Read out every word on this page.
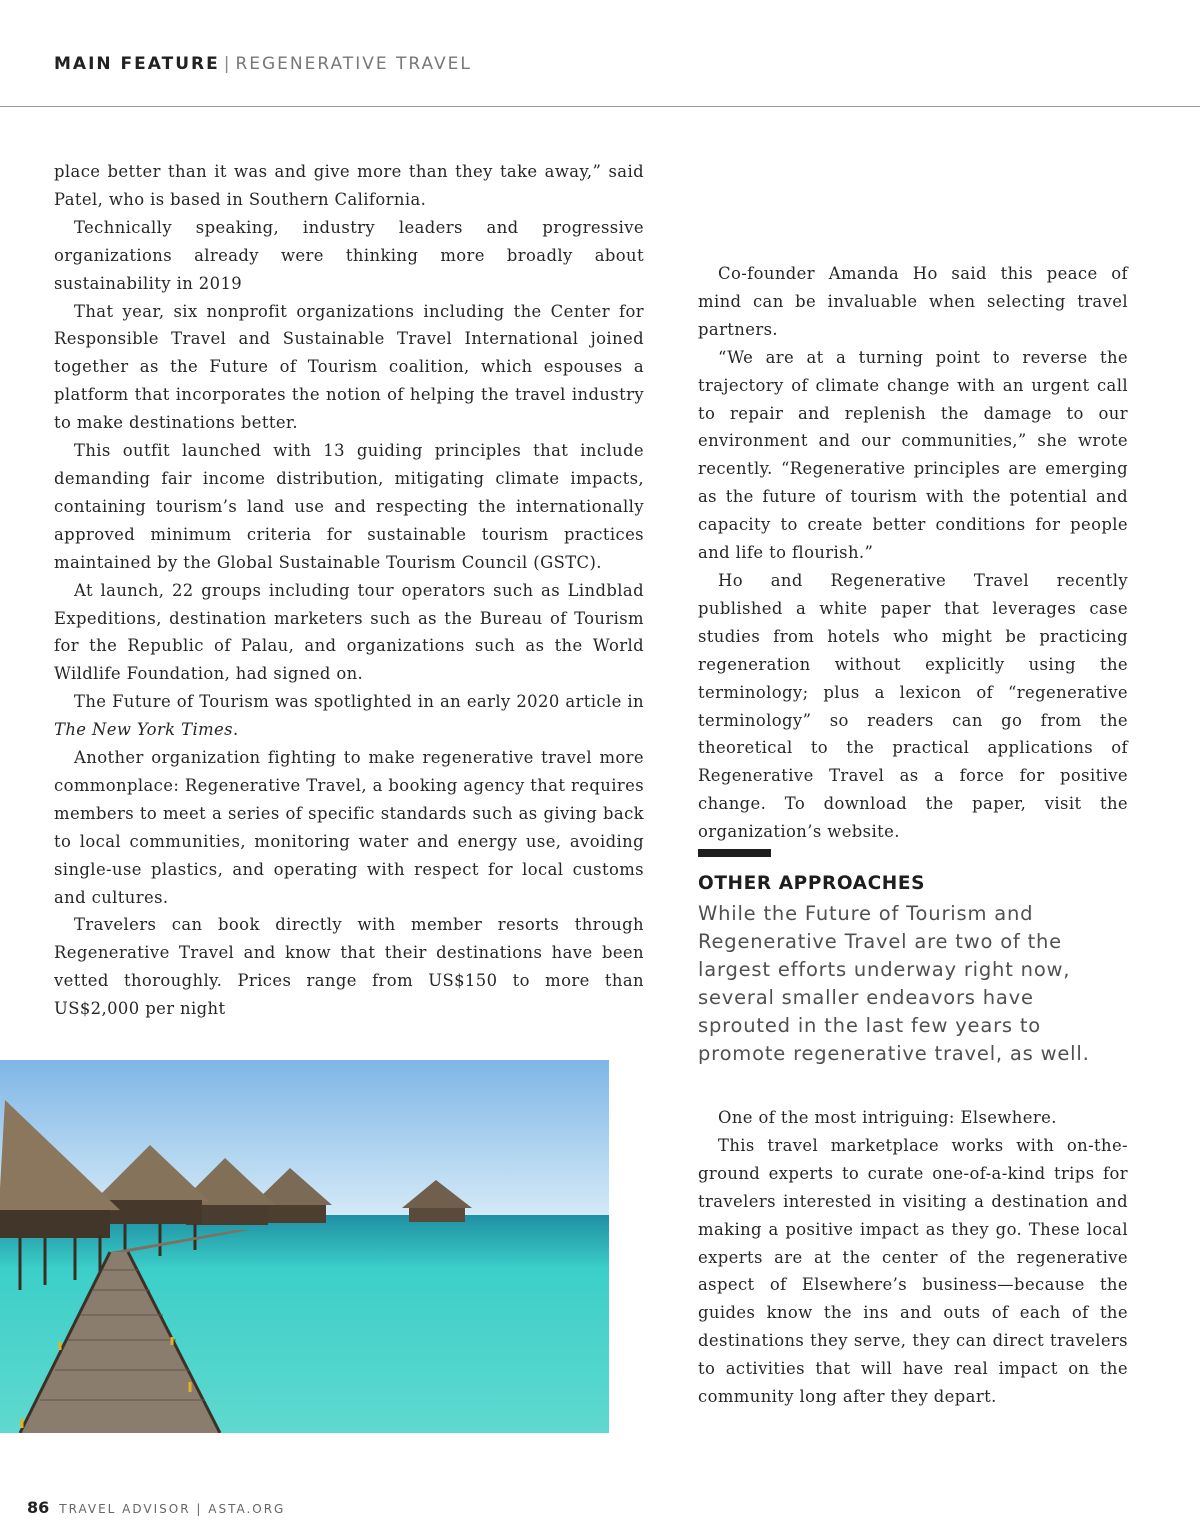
MAIN FEATURE | REGENERATIVE TRAVEL

place better than it was and give more than they take away,” said Patel, who is based in Southern California.

Technically speaking, industry leaders and progressive organizations already were thinking more broadly about sustainability in 2019

That year, six nonprofit organizations including the Center for Responsible Travel and Sustainable Travel International joined together as the Future of Tourism coalition, which espouses a platform that incorporates the notion of helping the travel industry to make destinations better.

This outfit launched with 13 guiding principles that include demanding fair income distribution, mitigating climate impacts, containing tourism’s land use and respecting the internationally approved minimum criteria for sustainable tourism practices maintained by the Global Sustainable Tourism Council (GSTC).

At launch, 22 groups including tour operators such as Lindblad Expeditions, destination marketers such as the Bureau of Tourism for the Republic of Palau, and organizations such as the World Wildlife Foundation, had signed on.

The Future of Tourism was spotlighted in an early 2020 article in The New York Times.

Another organization fighting to make regenerative travel more commonplace: Regenerative Travel, a booking agency that requires members to meet a series of specific standards such as giving back to local communities, monitoring water and energy use, avoiding single-use plastics, and operating with respect for local customs and cultures.

Travelers can book directly with member resorts through Regenerative Travel and know that their destinations have been vetted thoroughly. Prices range from US$150 to more than US$2,000 per night

Co-founder Amanda Ho said this peace of mind can be invaluable when selecting travel partners.

“We are at a turning point to reverse the trajectory of climate change with an urgent call to repair and replenish the damage to our environment and our communities,” she wrote recently. “Regenerative principles are emerging as the future of tourism with the potential and capacity to create better conditions for people and life to flourish.”

Ho and Regenerative Travel recently published a white paper that leverages case studies from hotels who might be practicing regeneration without explicitly using the terminology; plus a lexicon of “regenerative terminology” so readers can go from the theoretical to the practical applications of Regenerative Travel as a force for positive change. To download the paper, visit the organization’s website.

OTHER APPROACHES
While the Future of Tourism and Regenerative Travel are two of the largest efforts underway right now, several smaller endeavors have sprouted in the last few years to promote regenerative travel, as well.

One of the most intriguing: Elsewhere.

This travel marketplace works with on-the-ground experts to curate one-of-a-kind trips for travelers interested in visiting a destination and making a positive impact as they go. These local experts are at the center of the regenerative aspect of Elsewhere’s business—because the guides know the ins and outs of each of the destinations they serve, they can direct travelers to activities that will have real impact on the community long after they depart.

86 TRAVEL ADVISOR | ASTA.ORG
